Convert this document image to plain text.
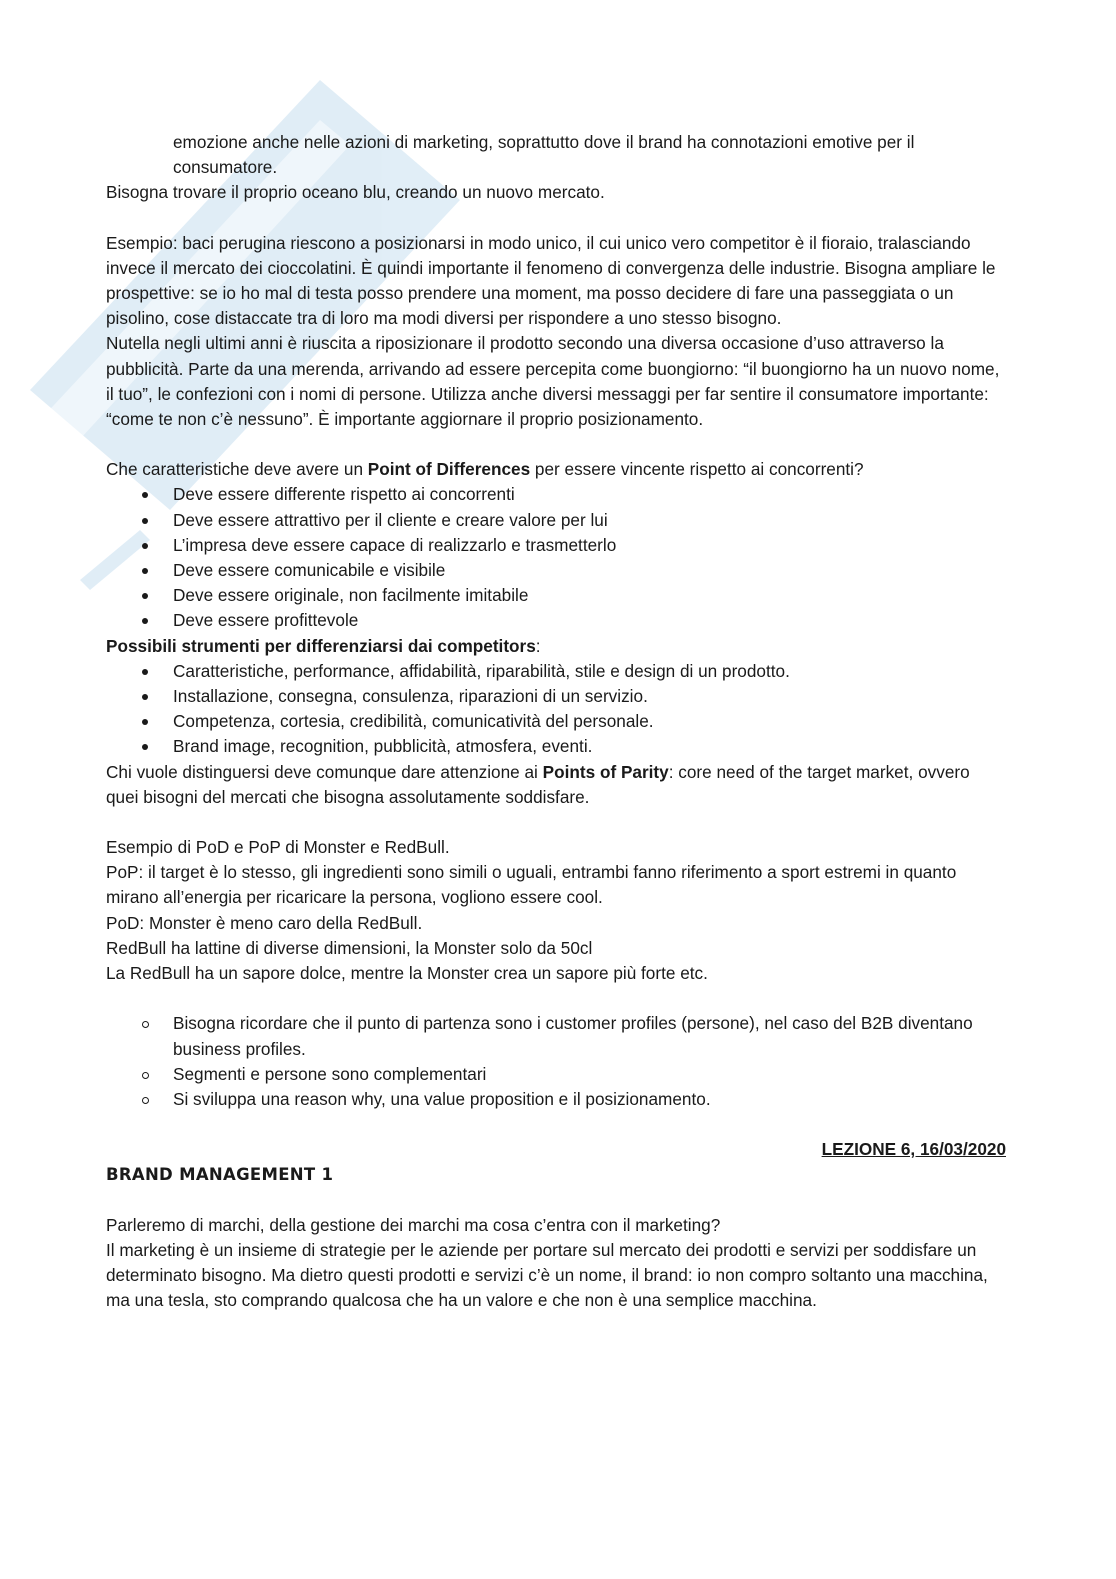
emozione anche nelle azioni di marketing, soprattutto dove il brand ha connotazioni emotive per il consumatore.

Bisogna trovare il proprio oceano blu, creando un nuovo mercato.

Esempio: baci perugina riescono a posizionarsi in modo unico, il cui unico vero competitor è il fioraio, tralasciando invece il mercato dei cioccolatini. È quindi importante il fenomeno di convergenza delle industrie. Bisogna ampliare le prospettive: se io ho mal di testa posso prendere una moment, ma posso decidere di fare una passeggiata o un pisolino, cose distaccate tra di loro ma modi diversi per rispondere a uno stesso bisogno.

Nutella negli ultimi anni è riuscita a riposizionare il prodotto secondo una diversa occasione d’uso attraverso la pubblicità. Parte da una merenda, arrivando ad essere percepita come buongiorno: “il buongiorno ha un nuovo nome, il tuo”, le confezioni con i nomi di persone. Utilizza anche diversi messaggi per far sentire il consumatore importante: “come te non c’è nessuno”. È importante aggiornare il proprio posizionamento.

Che caratteristiche deve avere un Point of Differences per essere vincente rispetto ai concorrenti?

Deve essere differente rispetto ai concorrenti
Deve essere attrattivo per il cliente e creare valore per lui
L’impresa deve essere capace di realizzarlo e trasmetterlo
Deve essere comunicabile e visibile
Deve essere originale, non facilmente imitabile
Deve essere profittevole

Possibili strumenti per differenziarsi dai competitors:

Caratteristiche, performance, affidabilità, riparabilità, stile e design di un prodotto.
Installazione, consegna, consulenza, riparazioni di un servizio.
Competenza, cortesia, credibilità, comunicatività del personale.
Brand image, recognition, pubblicità, atmosfera, eventi.

Chi vuole distinguersi deve comunque dare attenzione ai Points of Parity: core need of the target market, ovvero quei bisogni del mercati che bisogna assolutamente soddisfare.

Esempio di PoD e PoP di Monster e RedBull.

PoP: il target è lo stesso, gli ingredienti sono simili o uguali, entrambi fanno riferimento a sport estremi in quanto mirano all’energia per ricaricare la persona, vogliono essere cool.

PoD: Monster è meno caro della RedBull.

RedBull ha lattine di diverse dimensioni, la Monster solo da 50cl

La RedBull ha un sapore dolce, mentre la Monster crea un sapore più forte etc.

Bisogna ricordare che il punto di partenza sono i customer profiles (persone), nel caso del B2B diventano business profiles.
Segmenti e persone sono complementari
Si sviluppa una reason why, una value proposition e il posizionamento.

LEZIONE 6, 16/03/2020

BRAND MANAGEMENT 1

Parleremo di marchi, della gestione dei marchi ma cosa c’entra con il marketing?

Il marketing è un insieme di strategie per le aziende per portare sul mercato dei prodotti e servizi per soddisfare un determinato bisogno. Ma dietro questi prodotti e servizi c’è un nome, il brand: io non compro soltanto una macchina, ma una tesla, sto comprando qualcosa che ha un valore e che non è una semplice macchina.
